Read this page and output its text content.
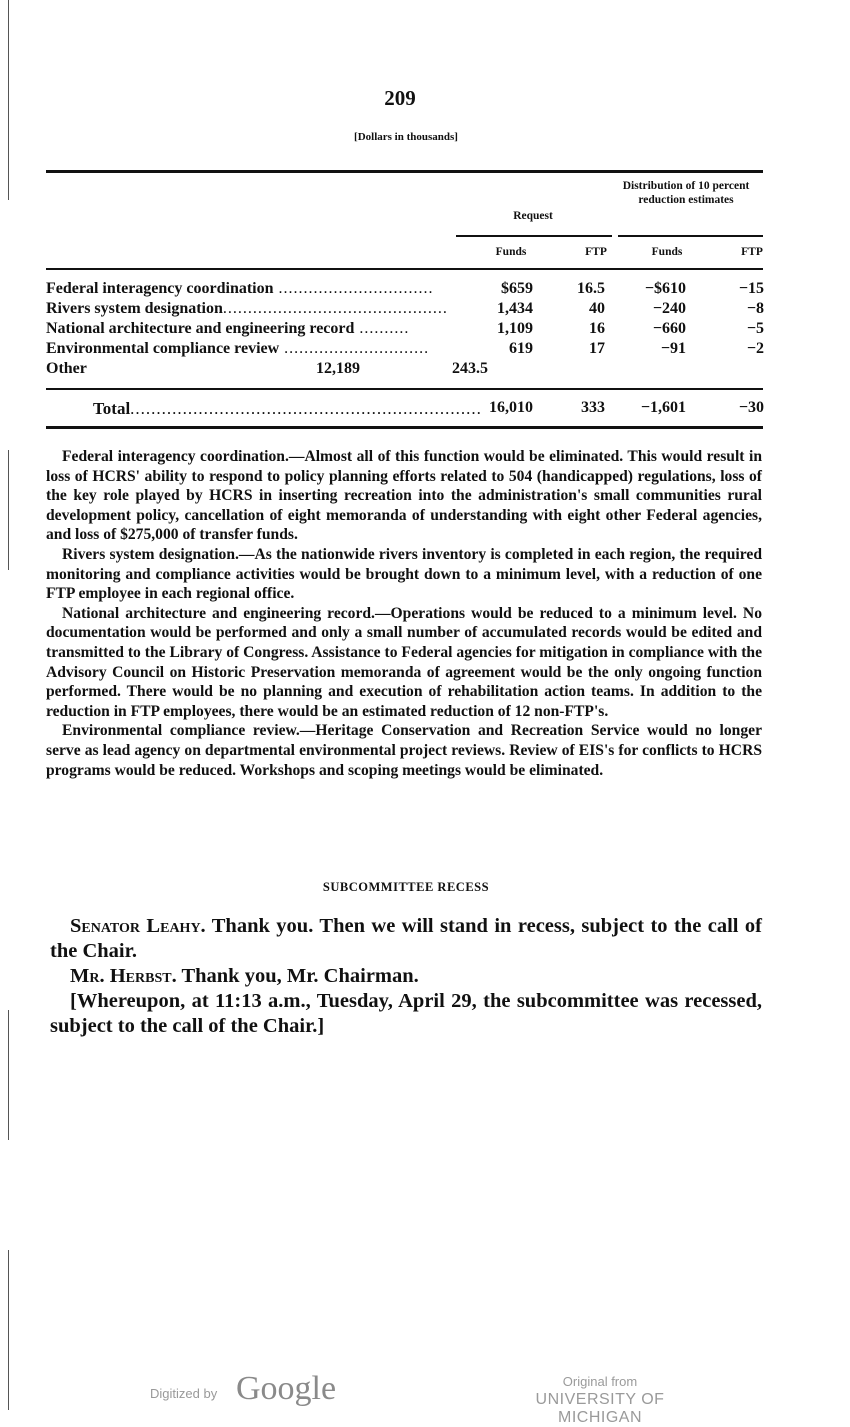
209
[Dollars in thousands]
Request
Distribution of 10 percent reduction estimates
Funds	FTP	Funds	FTP
Federal interagency coordination ...............................	$659	16.5	−$610	−15
Rivers system designation.............................................	1,434	40	−240	−8
National architecture and engineering record ..........	1,109	16	−660	−5
Environmental compliance review .............................	619	17	−91	−2
Other	12,189	243.5
Total................................................................... 16,010	333	−1,601	−30

Federal interagency coordination.—Almost all of this function would be eliminated. This would result in loss of HCRS' ability to respond to policy planning efforts related to 504 (handicapped) regulations, loss of the key role played by HCRS in inserting recreation into the administration's small communities rural development policy, cancellation of eight memoranda of understanding with eight other Federal agencies, and loss of $275,000 of transfer funds.

Rivers system designation.—As the nationwide rivers inventory is completed in each region, the required monitoring and compliance activities would be brought down to a minimum level, with a reduction of one FTP employee in each regional office.

National architecture and engineering record.—Operations would be reduced to a minimum level. No documentation would be performed and only a small number of accumulated records would be edited and transmitted to the Library of Congress. Assistance to Federal agencies for mitigation in compliance with the Advisory Council on Historic Preservation memoranda of agreement would be the only ongoing function performed. There would be no planning and execution of rehabilitation action teams. In addition to the reduction in FTP employees, there would be an estimated reduction of 12 non-FTP's.

Environmental compliance review.—Heritage Conservation and Recreation Service would no longer serve as lead agency on departmental environmental project reviews. Review of EIS's for conflicts to HCRS programs would be reduced. Workshops and scoping meetings would be eliminated.

SUBCOMMITTEE RECESS

Senator Leahy. Thank you. Then we will stand in recess, subject to the call of the Chair.

Mr. Herbst. Thank you, Mr. Chairman.

[Whereupon, at 11:13 a.m., Tuesday, April 29, the subcommittee was recessed, subject to the call of the Chair.]

Digitized by Google	Original from
UNIVERSITY OF MICHIGAN
